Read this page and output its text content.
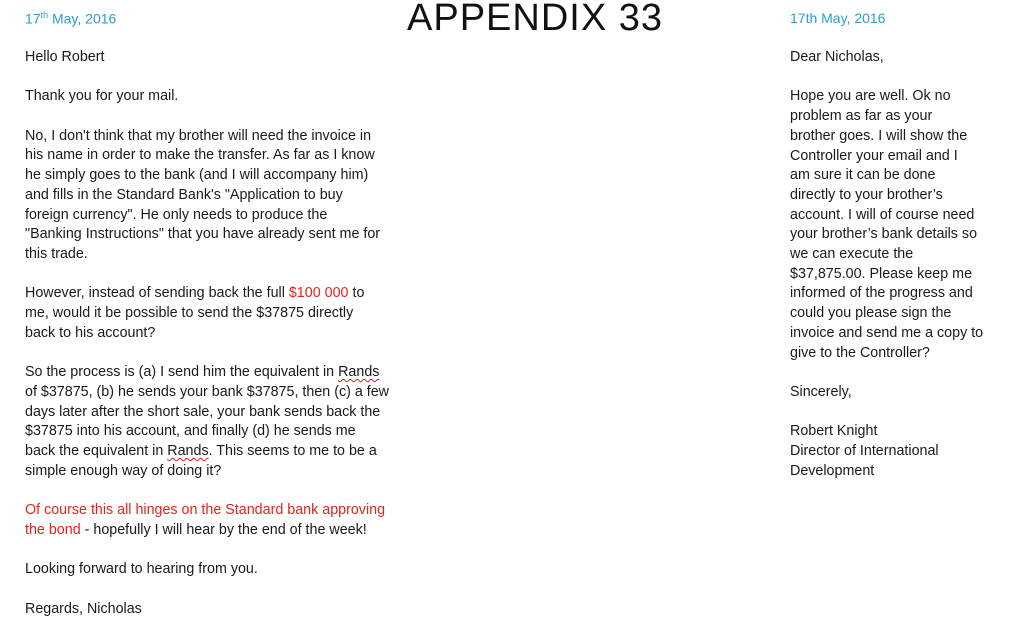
APPENDIX 33
17th May, 2016	17th May, 2016

Hello Robert

Thank you for your mail.

No, I don't think that my brother will need the invoice in
his name in order to make the transfer. As far as I know
he simply goes to the bank (and I will accompany him)
and fills in the Standard Bank's "Application to buy
foreign currency". He only needs to produce the
"Banking Instructions" that you have already sent me for
this trade.

However, instead of sending back the full $100 000 to
me, would it be possible to send the $37875 directly
back to his account?

So the process is (a) I send him the equivalent in Rands
of $37875, (b) he sends your bank $37875, then (c) a few
days later after the short sale, your bank sends back the
$37875 into his account, and finally (d) he sends me
back the equivalent in Rands. This seems to me to be a
simple enough way of doing it?

Of course this all hinges on the Standard bank approving
the bond - hopefully I will hear by the end of the week!

Looking forward to hearing from you.

Regards, Nicholas

Dear Nicholas,

Hope you are well. Ok no
problem as far as your
brother goes. I will show the
Controller your email and I
am sure it can be done
directly to your brother’s
account. I will of course need
your brother’s bank details so
we can execute the
$37,875.00. Please keep me
informed of the progress and
could you please sign the
invoice and send me a copy to
give to the Controller?

Sincerely,

Robert Knight
Director of International
Development
